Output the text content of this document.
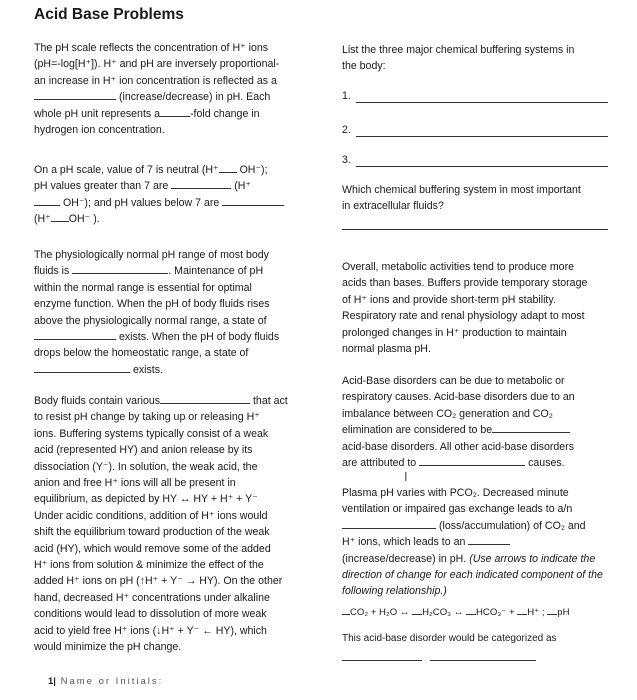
Acid Base Problems
The pH scale reflects the concentration of H⁺ ions
(pH=-log[H⁺]). H⁺ and pH are inversely proportional-
an increase in H⁺ ion concentration is reflected as a
(increase/decrease) in pH. Each
whole pH unit represents a	-fold change in
hydrogen ion concentration.
On a pH scale, value of 7 is neutral (H⁺ OH⁻);
pH values greater than 7 are	(H⁺
OH⁻); and pH values below 7 are
(H⁺ OH⁻ ).
The physiologically normal pH range of most body
fluids is	. Maintenance of pH
within the normal range is essential for optimal
enzyme function. When the pH of body fluids rises
above the physiologically normal range, a state of
exists. When the pH of body fluids
drops below the homeostatic range, a state of
exists.
Body fluids contain various	that act
to resist pH change by taking up or releasing H⁺
ions. Buffering systems typically consist of a weak
acid (represented HY) and anion release by its
dissociation (Y⁻). In solution, the weak acid, the
anion and free H⁺ ions will all be present in
equilibrium, as depicted by HY ↔ HY + H⁺ + Y⁻
Under acidic conditions, addition of H⁺ ions would
shift the equilibrium toward production of the weak
acid (HY), which would remove some of the added
H⁺ ions from solution & minimize the effect of the
added H⁺ ions on pH (↑H⁺ + Y⁻ → HY). On the other
hand, decreased H⁺ concentrations under alkaline
conditions would lead to dissolution of more weak
acid to yield free H⁺ ions (↓H⁺ + Y⁻ ← HY), which
would minimize the pH change.
List the three major chemical buffering systems in
the body:
1.
2.
3.
Which chemical buffering system in most important
in extracellular fluids?
Overall, metabolic activities tend to produce more
acids than bases. Buffers provide temporary storage
of H⁺ ions and provide short-term pH stability.
Respiratory rate and renal physiology adapt to most
prolonged changes in H⁺ production to maintain
normal plasma pH.
Acid-Base disorders can be due to metabolic or
respiratory causes. Acid-base disorders due to an
imbalance between CO₂ generation and CO₂
elimination are considered to be
acid-base disorders. All other acid-base disorders
are attributed to	causes.
I
Plasma pH varies with PCO₂. Decreased minute
ventilation or impaired gas exchange leads to a/n
(loss/accumulation) of CO₂ and
H⁺ ions, which leads to an
(increase/decrease) in pH. (Use arrows to indicate the
direction of change for each indicated component of the
following relationship.)
CO₂ + H₂O ↔ H₂CO₃ ↔ HCO₃⁻ + H⁺ ; pH
This acid-base disorder would be categorized as
1| Name or Initials:
